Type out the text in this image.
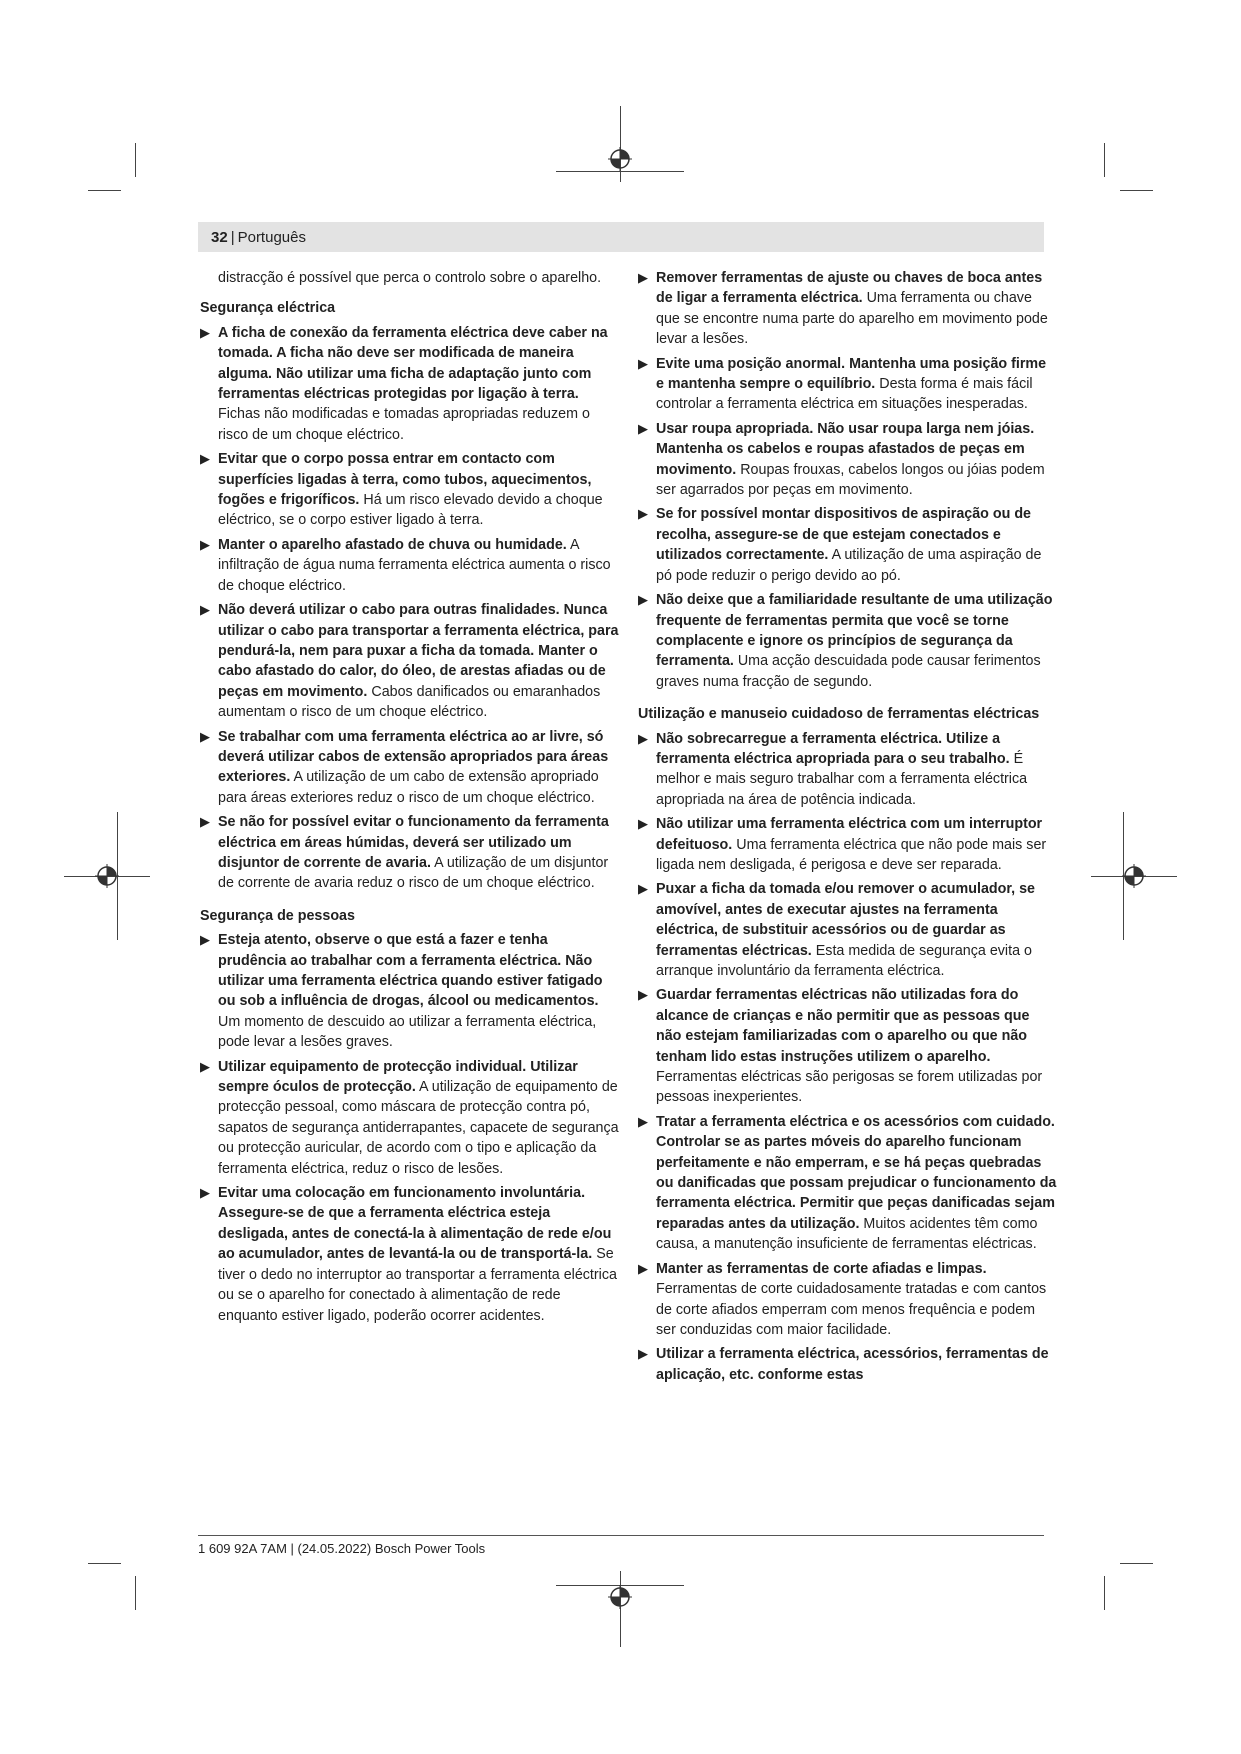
32 | Português
distracção é possível que perca o controlo sobre o aparelho.
Segurança eléctrica
▶ A ficha de conexão da ferramenta eléctrica deve caber na tomada. A ficha não deve ser modificada de maneira alguma. Não utilizar uma ficha de adaptação junto com ferramentas eléctricas protegidas por ligação à terra. Fichas não modificadas e tomadas apropriadas reduzem o risco de um choque eléctrico.
▶ Evitar que o corpo possa entrar em contacto com superfícies ligadas à terra, como tubos, aquecimentos, fogões e frigoríficos. Há um risco elevado devido a choque eléctrico, se o corpo estiver ligado à terra.
▶ Manter o aparelho afastado de chuva ou humidade. A infiltração de água numa ferramenta eléctrica aumenta o risco de choque eléctrico.
▶ Não deverá utilizar o cabo para outras finalidades. Nunca utilizar o cabo para transportar a ferramenta eléctrica, para pendurá-la, nem para puxar a ficha da tomada. Manter o cabo afastado do calor, do óleo, de arestas afiadas ou de peças em movimento. Cabos danificados ou emaranhados aumentam o risco de um choque eléctrico.
▶ Se trabalhar com uma ferramenta eléctrica ao ar livre, só deverá utilizar cabos de extensão apropriados para áreas exteriores. A utilização de um cabo de extensão apropriado para áreas exteriores reduz o risco de um choque eléctrico.
▶ Se não for possível evitar o funcionamento da ferramenta eléctrica em áreas húmidas, deverá ser utilizado um disjuntor de corrente de avaria. A utilização de um disjuntor de corrente de avaria reduz o risco de um choque eléctrico.
Segurança de pessoas
▶ Esteja atento, observe o que está a fazer e tenha prudência ao trabalhar com a ferramenta eléctrica. Não utilizar uma ferramenta eléctrica quando estiver fatigado ou sob a influência de drogas, álcool ou medicamentos. Um momento de descuido ao utilizar a ferramenta eléctrica, pode levar a lesões graves.
▶ Utilizar equipamento de protecção individual. Utilizar sempre óculos de protecção. A utilização de equipamento de protecção pessoal, como máscara de protecção contra pó, sapatos de segurança antiderrapantes, capacete de segurança ou protecção auricular, de acordo com o tipo e aplicação da ferramenta eléctrica, reduz o risco de lesões.
▶ Evitar uma colocação em funcionamento involuntária. Assegure-se de que a ferramenta eléctrica esteja desligada, antes de conectá-la à alimentação de rede e/ou ao acumulador, antes de levantá-la ou de transportá-la. Se tiver o dedo no interruptor ao transportar a ferramenta eléctrica ou se o aparelho for conectado à alimentação de rede enquanto estiver ligado, poderão ocorrer acidentes.
▶ Remover ferramentas de ajuste ou chaves de boca antes de ligar a ferramenta eléctrica. Uma ferramenta ou chave que se encontre numa parte do aparelho em movimento pode levar a lesões.
▶ Evite uma posição anormal. Mantenha uma posição firme e mantenha sempre o equilíbrio. Desta forma é mais fácil controlar a ferramenta eléctrica em situações inesperadas.
▶ Usar roupa apropriada. Não usar roupa larga nem jóias. Mantenha os cabelos e roupas afastados de peças em movimento. Roupas frouxas, cabelos longos ou jóias podem ser agarrados por peças em movimento.
▶ Se for possível montar dispositivos de aspiração ou de recolha, assegure-se de que estejam conectados e utilizados correctamente. A utilização de uma aspiração de pó pode reduzir o perigo devido ao pó.
▶ Não deixe que a familiaridade resultante de uma utilização frequente de ferramentas permita que você se torne complacente e ignore os princípios de segurança da ferramenta. Uma acção descuidada pode causar ferimentos graves numa fracção de segundo.
Utilização e manuseio cuidadoso de ferramentas eléctricas
▶ Não sobrecarregue a ferramenta eléctrica. Utilize a ferramenta eléctrica apropriada para o seu trabalho. É melhor e mais seguro trabalhar com a ferramenta eléctrica apropriada na área de potência indicada.
▶ Não utilizar uma ferramenta eléctrica com um interruptor defeituoso. Uma ferramenta eléctrica que não pode mais ser ligada nem desligada, é perigosa e deve ser reparada.
▶ Puxar a ficha da tomada e/ou remover o acumulador, se amovível, antes de executar ajustes na ferramenta eléctrica, de substituir acessórios ou de guardar as ferramentas eléctricas. Esta medida de segurança evita o arranque involuntário da ferramenta eléctrica.
▶ Guardar ferramentas eléctricas não utilizadas fora do alcance de crianças e não permitir que as pessoas que não estejam familiarizadas com o aparelho ou que não tenham lido estas instruções utilizem o aparelho. Ferramentas eléctricas são perigosas se forem utilizadas por pessoas inexperientes.
▶ Tratar a ferramenta eléctrica e os acessórios com cuidado. Controlar se as partes móveis do aparelho funcionam perfeitamente e não emperram, e se há peças quebradas ou danificadas que possam prejudicar o funcionamento da ferramenta eléctrica. Permitir que peças danificadas sejam reparadas antes da utilização. Muitos acidentes têm como causa, a manutenção insuficiente de ferramentas eléctricas.
▶ Manter as ferramentas de corte afiadas e limpas. Ferramentas de corte cuidadosamente tratadas e com cantos de corte afiados emperram com menos frequência e podem ser conduzidas com maior facilidade.
▶ Utilizar a ferramenta eléctrica, acessórios, ferramentas de aplicação, etc. conforme estas
1 609 92A 7AM | (24.05.2022) Bosch Power Tools
